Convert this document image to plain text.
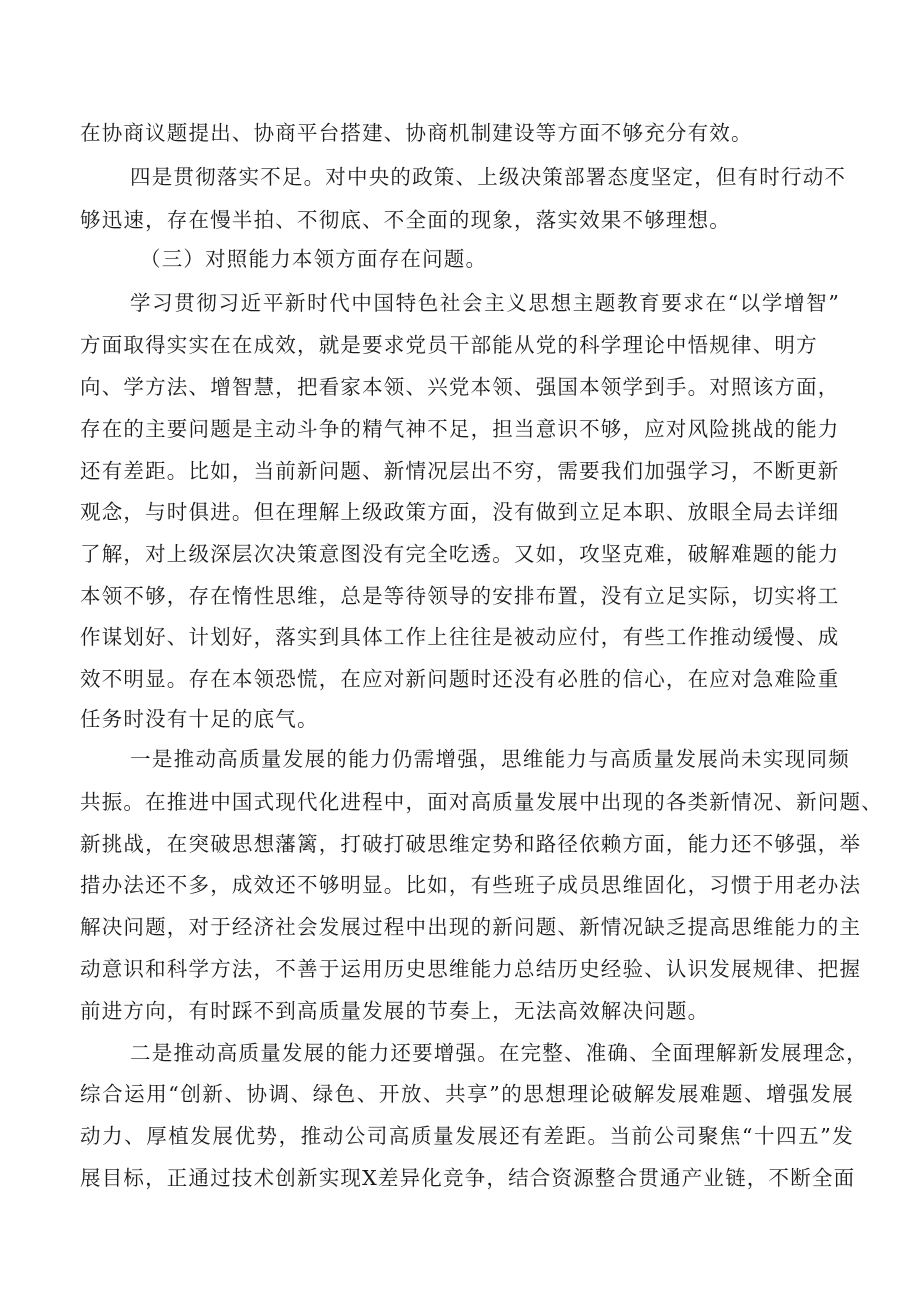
在协商议题提出、协商平台搭建、协商机制建设等方面不够充分有效。
四是贯彻落实不足。对中央的政策、上级决策部署态度坚定，但有时行动不
够迅速，存在慢半拍、不彻底、不全面的现象，落实效果不够理想。
（三）对照能力本领方面存在问题。
学习贯彻习近平新时代中国特色社会主义思想主题教育要求在“以学增智”
方面取得实实在在成效，就是要求党员干部能从党的科学理论中悟规律、明方
向、学方法、增智慧，把看家本领、兴党本领、强国本领学到手。对照该方面，
存在的主要问题是主动斗争的精气神不足，担当意识不够，应对风险挑战的能力
还有差距。比如，当前新问题、新情况层出不穷，需要我们加强学习，不断更新
观念，与时俱进。但在理解上级政策方面，没有做到立足本职、放眼全局去详细
了解，对上级深层次决策意图没有完全吃透。又如，攻坚克难，破解难题的能力
本领不够，存在惰性思维，总是等待领导的安排布置，没有立足实际，切实将工
作谋划好、计划好，落实到具体工作上往往是被动应付，有些工作推动缓慢、成
效不明显。存在本领恐慌，在应对新问题时还没有必胜的信心，在应对急难险重
任务时没有十足的底气。
一是推动高质量发展的能力仍需增强，思维能力与高质量发展尚未实现同频
共振。在推进中国式现代化进程中，面对高质量发展中出现的各类新情况、新问题、
新挑战，在突破思想藩篱，打破打破思维定势和路径依赖方面，能力还不够强，举
措办法还不多，成效还不够明显。比如，有些班子成员思维固化，习惯于用老办法
解决问题，对于经济社会发展过程中出现的新问题、新情况缺乏提高思维能力的主
动意识和科学方法，不善于运用历史思维能力总结历史经验、认识发展规律、把握
前进方向，有时踩不到高质量发展的节奏上，无法高效解决问题。
二是推动高质量发展的能力还要增强。在完整、准确、全面理解新发展理念，
综合运用“创新、协调、绿色、开放、共享”的思想理论破解发展难题、增强发展
动力、厚植发展优势，推动公司高质量发展还有差距。当前公司聚焦“十四五”发
展目标，正通过技术创新实现X差异化竞争，结合资源整合贯通产业链，不断全面
